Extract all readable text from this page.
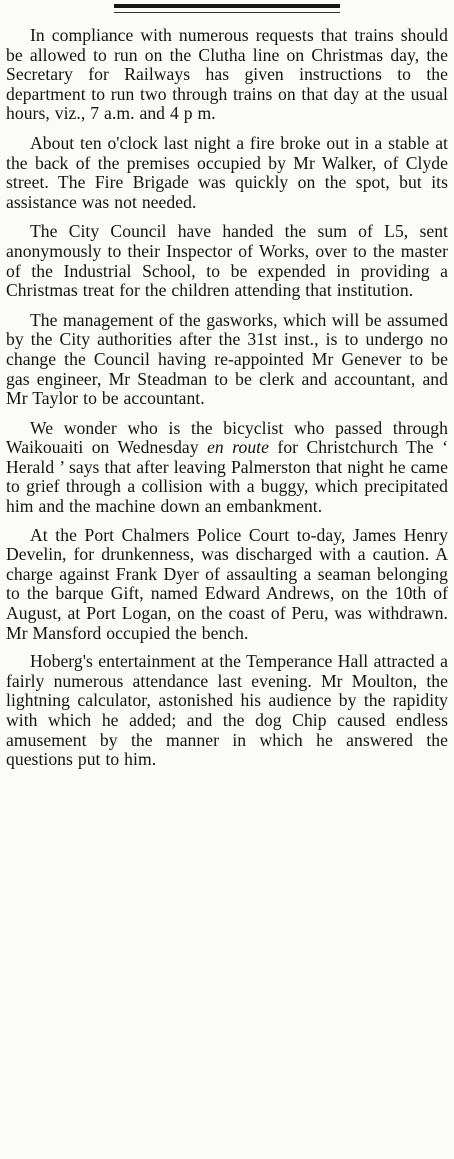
In compliance with numerous requests that trains should be allowed to run on the Clutha line on Christmas day, the Secretary for Railways has given instructions to the department to run two through trains on that day at the usual hours, viz., 7 a.m. and 4 p m.

About ten o'clock last night a fire broke out in a stable at the back of the premises occupied by Mr Walker, of Clyde street. The Fire Brigade was quickly on the spot, but its assistance was not needed.

The City Council have handed the sum of L5, sent anonymously to their Inspector of Works, over to the master of the Industrial School, to be expended in providing a Christmas treat for the children attending that institution.

The management of the gasworks, which will be assumed by the City authorities after the 31st inst., is to undergo no change the Council having re-appointed Mr Genever to be gas engineer, Mr Steadman to be clerk and accountant, and Mr Taylor to be accountant.

We wonder who is the bicyclist who passed through Waikouaiti on Wednesday en route for Christchurch The ‘ Herald ’ says that after leaving Palmerston that night he came to grief through a collision with a buggy, which precipitated him and the machine down an embankment.

At the Port Chalmers Police Court to-day, James Henry Develin, for drunkenness, was discharged with a caution. A charge against Frank Dyer of assaulting a seaman belonging to the barque Gift, named Edward Andrews, on the 10th of August, at Port Logan, on the coast of Peru, was withdrawn. Mr Mansford occupied the bench.

Hoberg's entertainment at the Temperance Hall attracted a fairly numerous attendance last evening. Mr Moulton, the lightning calculator, astonished his audience by the rapidity with which he added; and the dog Chip caused endless amusement by the manner in which he answered the questions put to him.
